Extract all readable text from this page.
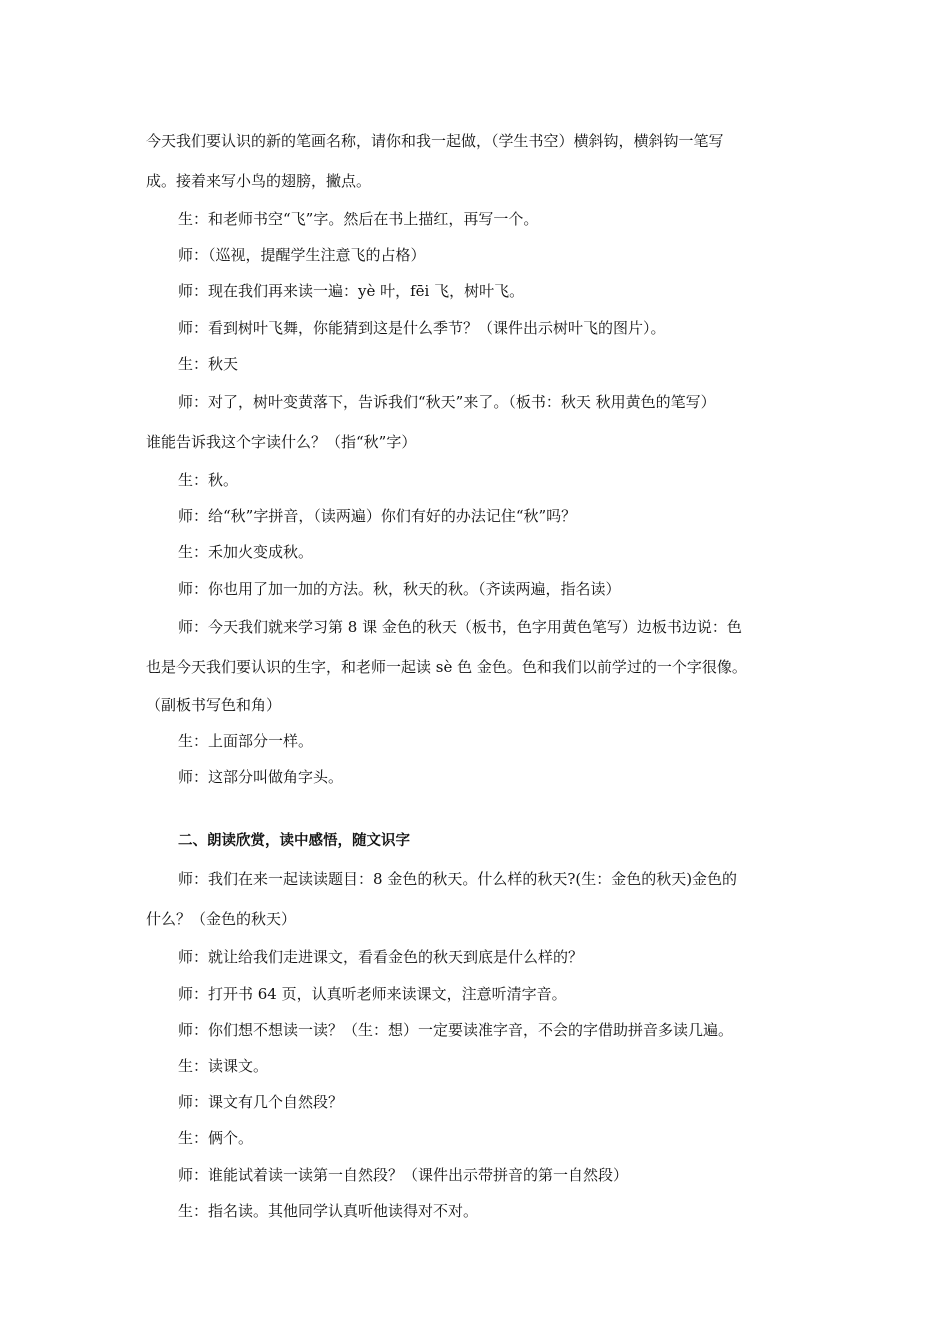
今天我们要认识的新的笔画名称，请你和我一起做，（学生书空）横斜钩，横斜钩一笔写
成。接着来写小鸟的翅膀，撇点。
生：和老师书空“飞”字。然后在书上描红，再写一个。
师：（巡视，提醒学生注意飞的占格）
师：现在我们再来读一遍：yè 叶，fēi 飞，树叶飞。
师：看到树叶飞舞，你能猜到这是什么季节？（课件出示树叶飞的图片）。
生：秋天
师：对了，树叶变黄落下，告诉我们“秋天”来了。（板书：秋天 秋用黄色的笔写）
谁能告诉我这个字读什么？（指“秋”字）
生：秋。
师：给“秋”字拼音，（读两遍）你们有好的办法记住“秋”吗？
生：禾加火变成秋。
师：你也用了加一加的方法。秋，秋天的秋。（齐读两遍，指名读）
师：今天我们就来学习第 8 课 金色的秋天（板书，色字用黄色笔写）边板书边说：色
也是今天我们要认识的生字，和老师一起读 sè 色 金色。色和我们以前学过的一个字很像。
（副板书写色和角）
生：上面部分一样。
师：这部分叫做角字头。
二、朗读欣赏，读中感悟，随文识字
师：我们在来一起读读题目：8 金色的秋天。什么样的秋天?(生：金色的秋天)金色的
什么？（金色的秋天）
师：就让给我们走进课文，看看金色的秋天到底是什么样的？
师：打开书 64 页，认真听老师来读课文，注意听清字音。
师：你们想不想读一读？（生：想）一定要读准字音，不会的字借助拼音多读几遍。
生：读课文。
师：课文有几个自然段？
生：俩个。
师：谁能试着读一读第一自然段？（课件出示带拼音的第一自然段）
生：指名读。其他同学认真听他读得对不对。
